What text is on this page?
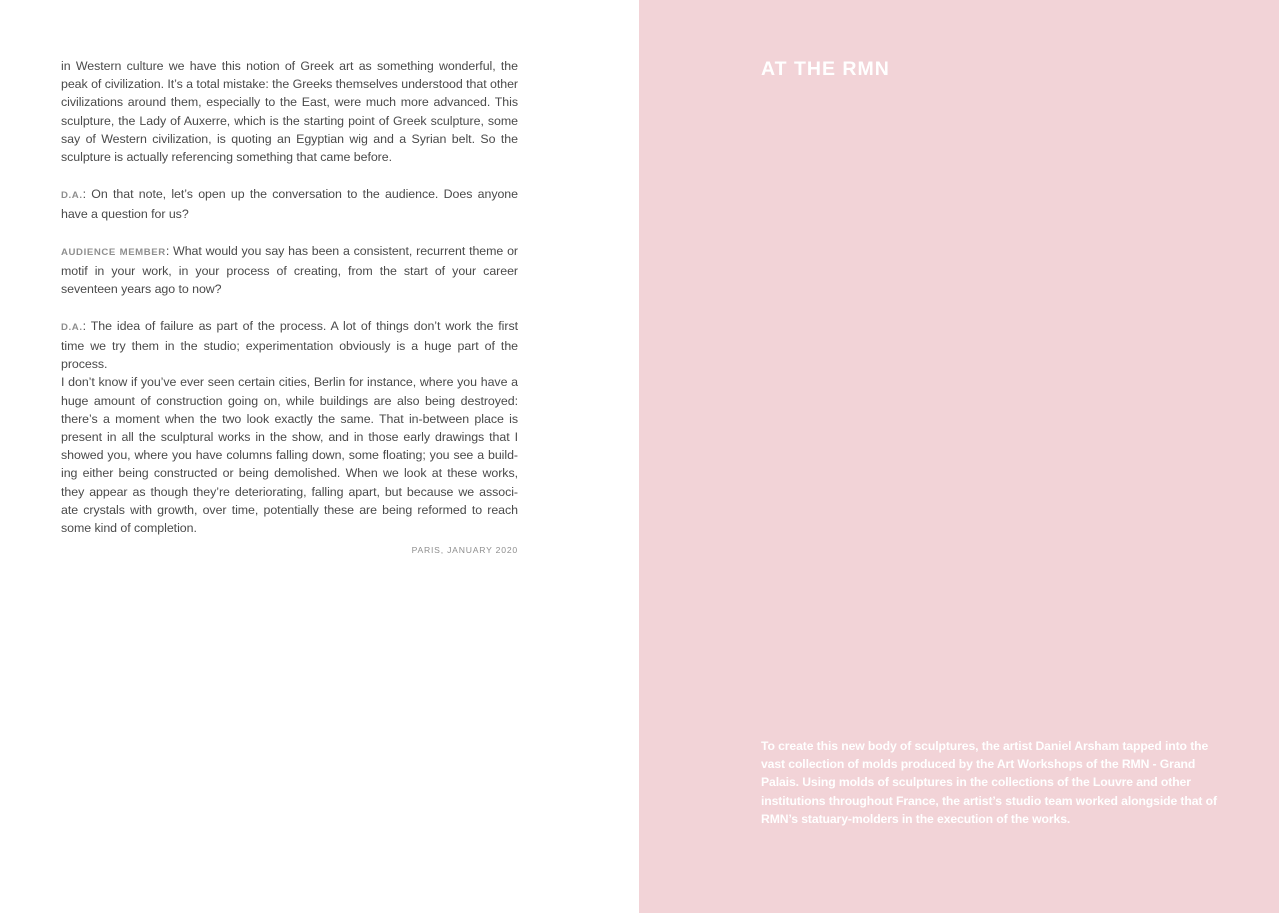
in Western culture we have this notion of Greek art as something wonderful, the peak of civilization. It’s a total mistake: the Greeks themselves understood that other civilizations around them, especially to the East, were much more advanced. This sculpture, the Lady of Auxerre, which is the starting point of Greek sculpture, some say of Western civilization, is quoting an Egyptian wig and a Syrian belt. So the sculpture is actually referencing something that came before.

D.A.: On that note, let’s open up the conversation to the audience. Does anyone have a question for us?

AUDIENCE MEMBER: What would you say has been a consistent, recurrent theme or motif in your work, in your process of creating, from the start of your career seventeen years ago to now?

D.A.: The idea of failure as part of the process. A lot of things don’t work the first time we try them in the studio; experimentation obviously is a huge part of the process.

I don’t know if you’ve ever seen certain cities, Berlin for instance, where you have a huge amount of construction going on, while buildings are also being destroyed: there’s a moment when the two look exactly the same. That in-between place is present in all the sculptural works in the show, and in those early drawings that I showed you, where you have columns falling down, some floating; you see a build- ing either being constructed or being demolished. When we look at these works, they appear as though they’re deteriorating, falling apart, but because we associ- ate crystals with growth, over time, potentially these are being reformed to reach some kind of completion.

PARIS, JANUARY 2020

AT THE RMN
To create this new body of sculptures, the artist Daniel Arsham tapped into the vast collection of molds produced by the Art Workshops of the RMN - Grand Palais. Using molds of sculptures in the collections of the Louvre and other institutions throughout France, the artist’s studio team worked alongside that of RMN’s statuary-molders in the execution of the works.
